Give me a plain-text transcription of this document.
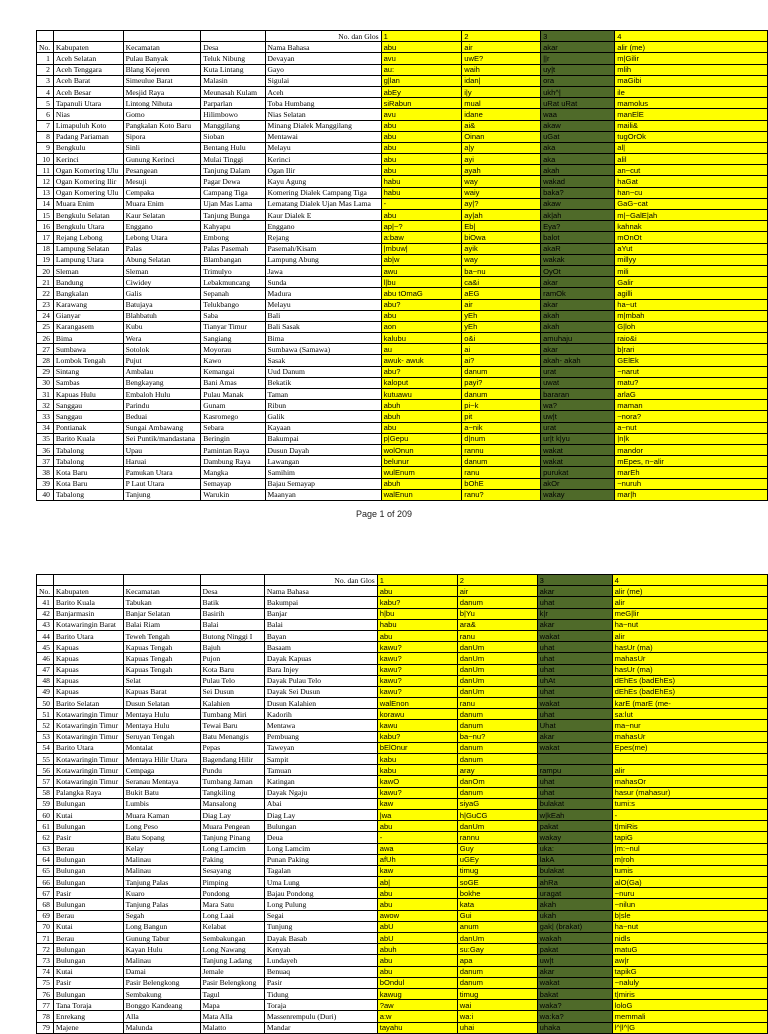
				No. dan Glos	1	2	3	4
No.	Kabupaten	Kecamatan	Desa	Nama Bahasa	abu	air	akar	alir (me)
1	Aceh Selatan	Pulau Banyak	Teluk Nibung	Devayan	avu	uwE?	||r	m|Gilir
2	Aceh Tenggara	Blang Kejeren	Kuta Lintang	Gayo	au:	waih	uy|t	mlih
3	Aceh Barat	Simeulue Barat	Malasin	Sigulai	g|lan	idan|	ora	maGibi
4	Aceh Besar	Mesjid Raya	Meunasah Kulam	Aceh	abEy	i|y	ukh^|	ile
5	Tapanuli Utara	Lintong Nihuta	Parparlan	Toba Humbang	siRabun	mual	uRat uRat	mamolus
6	Nias	Gomo	Hilimbowo	Nias Selatan	avu	idane	waa	manElE
7	Limapuluh Koto	Pangkalan Koto Baru	Manggilang	Minang Dialek Manggilang	abu	ai&	akaw	maili&
8	Padang Pariaman	Sipora	Sioban	Mentawai	abu	Oinan	uGat	tugOrOk
9	Bengkulu	Sinli	Bentang Hulu	Melayu	abu	a|y	aka	al|
10	Kerinci	Gunung Kerinci	Mulai Tinggi	Kerinci	abu	ayi	aka	alil
11	Ogan Komering Ulu	Pesangean	Tanjung Dalam	Ogan Ilir	abu	ayah	akah	an~cut
12	Ogan Komering Ilir	Mesuji	Pagar Dewa	Kayu Agung	habu	way	wakad	haGat
13	Ogan Komering Ulu	Cempaka	Campang Tiga	Komering Dialek Campang Tiga	habu	waiy	baka?	han~cu
14	Muara Enim	Muara Enim	Ujan Mas Lama	Lematang Dialek Ujan Mas Lama	-	ay|?	akaw	GaG~cat
15	Bengkulu Selatan	Kaur Selatan	Tanjung Bunga	Kaur Dialek E	abu	ay|ah	ak|ah	m|~GalE|ah
16	Bengkulu Utara	Enggano	Kahyapu	Enggano	ap|~?	Eb|	Eya?	kahnak
17	Rejang Lebong	Lebong Utara	Embong	Rejang	a:baw	biOwa	balot	mOnOt
18	Lampung Selatan	Palas	Palas Pasemah	Pasemah/Kisam	|mbuw|	ayik	akaR	aYut
19	Lampung Utara	Abung Selatan	Blambangan	Lampung Abung	ab|w	way	wakak	millyy
20	Sleman	Sleman	Trimulyo	Jawa	awu	ba~nu	OyOt	mili
21	Bandung	Ciwidey	Lebakmuncang	Sunda	l|bu	ca&i	akar	Galir
22	Bangkalan	Galis	Sepanah	Madura	abu tOmaG	aEG	ramOk	agilli
23	Karawang	Batujaya	Telukbango	Melayu	abu?	air	akar	ha~ut
24	Gianyar	Blahbatuh	Saba	Bali	abu	yEh	akah	m|mbah
25	Karangasem	Kubu	Tianyar Timur	Bali Sasak	aon	yEh	akah	G|loh
26	Bima	Wera	Sangiang	Bima	kalubu	o&i	amuhaju	raio&i
27	Sumbawa	Sotolok	Moyorau	Sumbawa (Samawa)	au	ai	akar	b|rari
28	Lombok Tengah	Pujut	Kawo	Sasak	awuk- awuk	ai?	akah- akah	GElEk
29	Sintang	Ambalau	Kemangai	Uud Danum	abu?	danum	urat	~narut
30	Sambas	Bengkayang	Bani Amas	Bekatik	kaloput	payi?	uwat	matu?
31	Kapuas Hulu	Embaloh Hulu	Pulau Manak	Taman	kutuawu	danum	bararan	arlaG
32	Sanggau	Parindu	Gunam	Ribun	abuh	pi~k	wa?	maman
33	Sanggau	Beduai	Kasromego	Galik	abuh	pit	uw|t	~nora?
34	Pontianak	Sungai Ambawang	Sebara	Kayaan	abu	a~nik	urat	a~nut
35	Barito Kuala	Sei Puntik/mandastana	Beringin	Bakumpai	p|Gepu	d|num	ur|t k|yu	|n|k
36	Tabalong	Upau	Pamintan Raya	Dusun Dayah	wolOnun	rannu	wakat	mandor
37	Tabalong	Haruai	Dambung Raya	Lawangan	belunur	danum	wakat	mEpes, n~alir
38	Kota Baru	Pamukan Utara	Mangka	Samihim	wulEnum	ranu	purukat	marEh
39	Kota Baru	P Laut Utara	Semayap	Bajau Semayap	abuh	bOhE	akOr	~nuruh
40	Tabalong	Tanjung	Warukin	Maanyan	walEnun	ranu?	wakay	mar|h
Page 1 of 209
				No. dan Glos	1	2	3	4
No.	Kabupaten	Kecamatan	Desa	Nama Bahasa	abu	air	akar	alir (me)
41	Barito Kuala	Tabukan	Batik	Bakumpai	kabu?	danum	uhat	alir
42	Banjarmasin	Banjar Selatan	Basirih	Banjar	h|bu	b|Yu	k|r	meG|lir
43	Kotawaringin Barat	Balai Riam	Balai	Balai	habu	ara&	akar	ha~nut
44	Barito Utara	Teweh Tengah	Butong Ninggi I	Bayan	abu	ranu	wakat	alir
45	Kapuas	Kapuas Tengah	Bajuh	Basaam	kawu?	danUm	uhat	hasUr (ma)
46	Kapuas	Kapuas Tengah	Pujon	Dayak Kapuas	kawu?	danUm	uhat	mahasUr
47	Kapuas	Kapuas Tengah	Kota Baru	Bara Injey	kawu?	danUm	uhat	hasUr (ma)
48	Kapuas	Selat	Pulau Telo	Dayak Pulau Telo	kawu?	danUm	uhAt	dEhEs (badEhEs)
49	Kapuas	Kapuas Barat	Sei Dusun	Dayak Sei Dusun	kawu?	danUm	uhat	dEhEs (badEhEs)
50	Barito Selatan	Dusun Selatan	Kalahien	Dusun Kalahien	walEnon	ranu	wakat	karE (marE (me-
51	Kotawaringin Timur	Mentaya Hulu	Tumbang Miri	Kadorih	korawu	danum	uhat	sa:lut
52	Kotawaringin Timur	Mentaya Hulu	Tewai Baru	Mentawa	kawu	danum	Uhat	ma~nur
53	Kotawaringin Timur	Seruyan Tengah	Batu Menangis	Pembuang	kabu?	ba~nu?	akar	mahasUr
54	Barito Utara	Montalat	Pepas	Taweyan	bElOnur	danum	wakat	Epes(me)
55	Kotawaringin Timur	Mentaya Hilir Utara	Bagendang Hilir	Sampit	kabu	danum		
56	Kotawaringin Timur	Cempaga	Pundu	Tamuan	kabu	aray	rampu	alir
57	Kotawaringin Timur	Seranau Mentaya	Tumbang Jaman	Katingan	kawO	danOm	uhat	mahasOr
58	Palangka Raya	Bukit Batu	Tangkiling	Dayak Ngaju	kawu?	danum	uhat	hasur (mahasur)
59	Bulungan	Lumbis	Mansalong	Abai	kaw	siyaG	bulakat	tumi:s
60	Kutai	Muara Kaman	Diag Lay	Diag Lay	|wa	h|GuCG	w|kEah	-
61	Bulungan	Long Peso	Muara Pengean	Bulungan	abu	danUm	pakat	t|miRis
62	Pasir	Batu Sopang	Tanjung Pinang	Deua	-	rannu	wakay	tapiG
63	Berau	Kelay	Long Lamcim	Long Lamcim	awa	Guy	uka:	|m:~nul
64	Bulungan	Malinau	Paking	Punan Paking	afUh	uGEy	lakA	m|roh
65	Bulungan	Malinau	Sesayang	Tagalan	kaw	timug	bulakat	tumis
66	Bulungan	Tanjung Palas	Pimping	Uma Lung	ab|	soGE	ahRa	alO(Ga)
67	Pasir	Kuaro	Pondong	Bajau Pondong	abu	bokhe	uragat	~nuru
68	Bulungan	Tanjung Palas	Mara Satu	Long Pulung	abu	kata	akah	~nilun
69	Berau	Segah	Long Laai	Segai	awow	Gui	ukah	b|sle
70	Kutai	Long Bangun	Kelabat	Tunjung	abU	anum	gak| (brakat)	ha~nut
71	Berau	Gunung Tabur	Sembakungan	Dayak Basab	abU	danUm	wakah	nidls
72	Bulungan	Kayan Hulu	Long Nawang	Kenyah	abuh	su:Gay	pakat	matuG
73	Bulungan	Malinau	Tanjung Ladang	Lundayeh	abu	apa	uw|t	aw|r
74	Kutai	Damai	Jemale	Benuaq	abu	danum	akar	tapikG
75	Pasir	Pasir Belengkong	Pasir Belengkong	Pasir	bOndul	danum	wakat	~naluly
76	Bulungan	Sembakung	Tagul	Tidung	kawug	timug	bakat	t|miris
77	Tana Toraja	Bonggo Kandeang	Mapa	Toraja	?aw	wai	waka?	loloG
78	Enrekang	Alla	Mata Alla	Massenrempulu (Duri)	a:w	wa:i	wa:ka?	memmali
79	Majene	Malunda	Malatto	Mandar	tayahu	uhai	uhaka	l^|l^|G
